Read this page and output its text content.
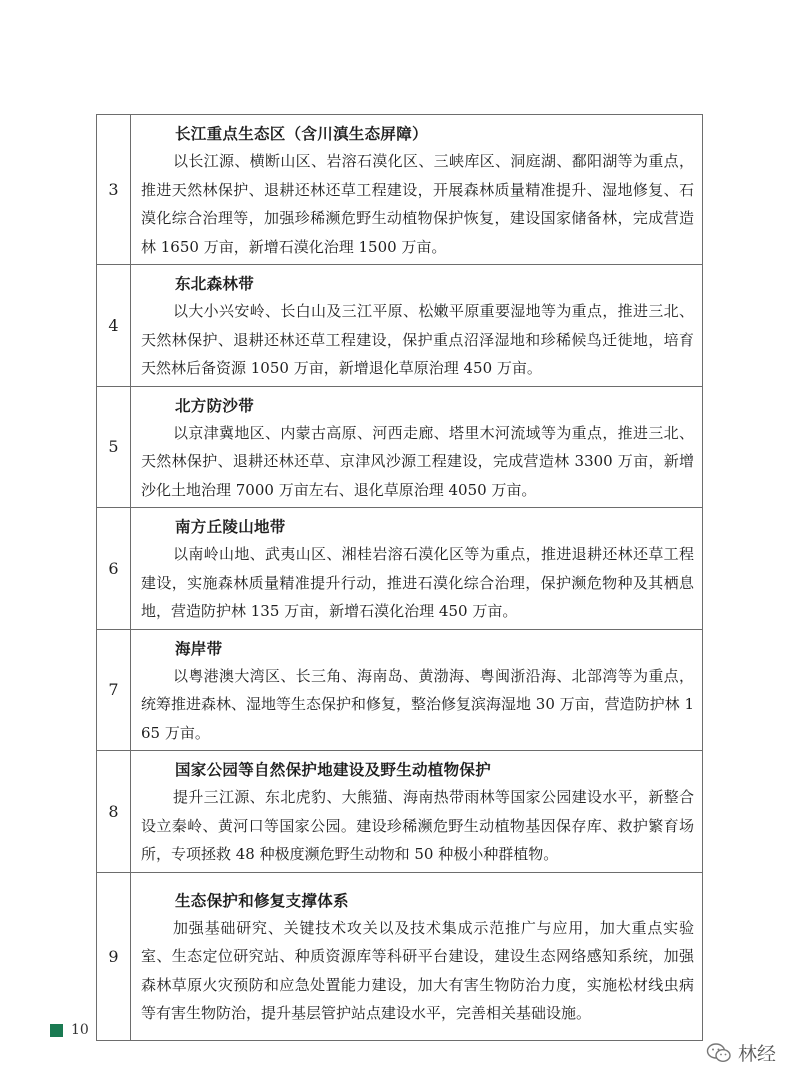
3	长江重点生态区（含川滇生态屏障）
以长江源、横断山区、岩溶石漠化区、三峡库区、洞庭湖、鄱阳湖等为重点，推进天然林保护、退耕还林还草工程建设，开展森林质量精准提升、湿地修复、石漠化综合治理等，加强珍稀濒危野生动植物保护恢复，建设国家储备林，完成营造林 1650 万亩，新增石漠化治理 1500 万亩。

4	东北森林带
以大小兴安岭、长白山及三江平原、松嫩平原重要湿地等为重点，推进三北、天然林保护、退耕还林还草工程建设，保护重点沼泽湿地和珍稀候鸟迁徙地，培育天然林后备资源 1050 万亩，新增退化草原治理 450 万亩。

5	北方防沙带
以京津冀地区、内蒙古高原、河西走廊、塔里木河流域等为重点，推进三北、天然林保护、退耕还林还草、京津风沙源工程建设，完成营造林 3300 万亩，新增沙化土地治理 7000 万亩左右、退化草原治理 4050 万亩。

6	南方丘陵山地带
以南岭山地、武夷山区、湘桂岩溶石漠化区等为重点，推进退耕还林还草工程建设，实施森林质量精准提升行动，推进石漠化综合治理，保护濒危物种及其栖息地，营造防护林 135 万亩，新增石漠化治理 450 万亩。

7	海岸带
以粤港澳大湾区、长三角、海南岛、黄渤海、粤闽浙沿海、北部湾等为重点，统筹推进森林、湿地等生态保护和修复，整治修复滨海湿地 30 万亩，营造防护林 165 万亩。

8	国家公园等自然保护地建设及野生动植物保护
提升三江源、东北虎豹、大熊猫、海南热带雨林等国家公园建设水平，新整合设立秦岭、黄河口等国家公园。建设珍稀濒危野生动植物基因保存库、救护繁育场所，专项拯救 48 种极度濒危野生动物和 50 种极小种群植物。

9	生态保护和修复支撑体系
加强基础研究、关键技术攻关以及技术集成示范推广与应用，加大重点实验室、生态定位研究站、种质资源库等科研平台建设，建设生态网络感知系统，加强森林草原火灾预防和应急处置能力建设，加大有害生物防治力度，实施松材线虫病等有害生物防治，提升基层管护站点建设水平，完善相关基础设施。
10
林经
